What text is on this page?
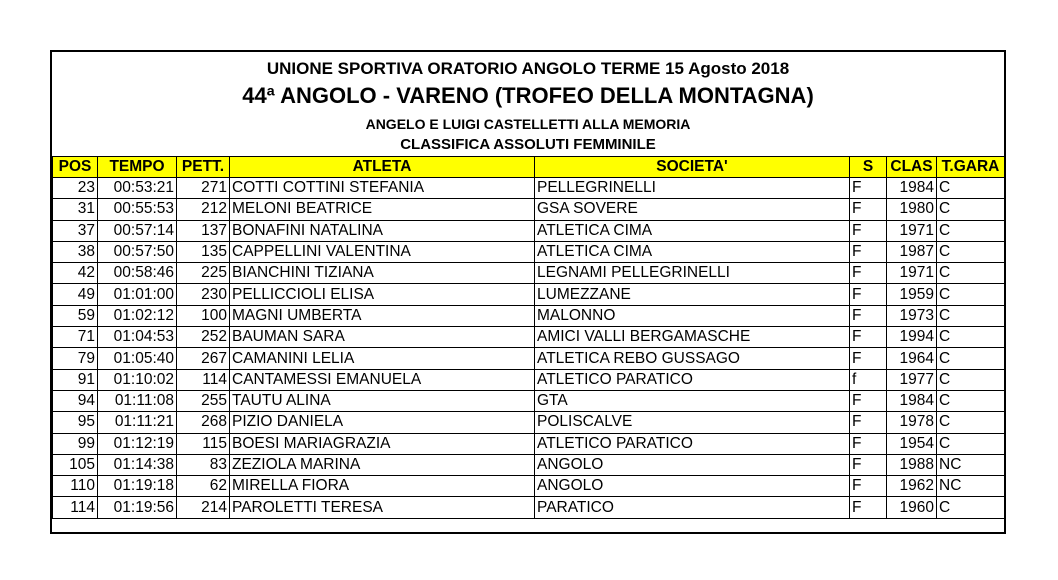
UNIONE SPORTIVA ORATORIO ANGOLO TERME 15 Agosto 2018
44ª ANGOLO - VARENO (TROFEO DELLA MONTAGNA)
ANGELO E LUIGI CASTELLETTI ALLA MEMORIA
CLASSIFICA ASSOLUTI FEMMINILE
POS	TEMPO	PETT.	ATLETA	SOCIETA'	S	CLAS	T.GARA
23	00:53:21	271	COTTI COTTINI STEFANIA	PELLEGRINELLI	F	1984	C
31	00:55:53	212	MELONI BEATRICE	GSA SOVERE	F	1980	C
37	00:57:14	137	BONAFINI NATALINA	ATLETICA CIMA	F	1971	C
38	00:57:50	135	CAPPELLINI VALENTINA	ATLETICA CIMA	F	1987	C
42	00:58:46	225	BIANCHINI TIZIANA	LEGNAMI PELLEGRINELLI	F	1971	C
49	01:01:00	230	PELLICCIOLI ELISA	LUMEZZANE	F	1959	C
59	01:02:12	100	MAGNI UMBERTA	MALONNO	F	1973	C
71	01:04:53	252	BAUMAN SARA	AMICI VALLI BERGAMASCHE	F	1994	C
79	01:05:40	267	CAMANINI LELIA	ATLETICA REBO GUSSAGO	F	1964	C
91	01:10:02	114	CANTAMESSI EMANUELA	ATLETICO PARATICO	f	1977	C
94	01:11:08	255	TAUTU ALINA	GTA	F	1984	C
95	01:11:21	268	PIZIO DANIELA	POLISCALVE	F	1978	C
99	01:12:19	115	BOESI MARIAGRAZIA	ATLETICO PARATICO	F	1954	C
105	01:14:38	83	ZEZIOLA MARINA	ANGOLO	F	1988	NC
110	01:19:18	62	MIRELLA FIORA	ANGOLO	F	1962	NC
114	01:19:56	214	PAROLETTI TERESA	PARATICO	F	1960	C
